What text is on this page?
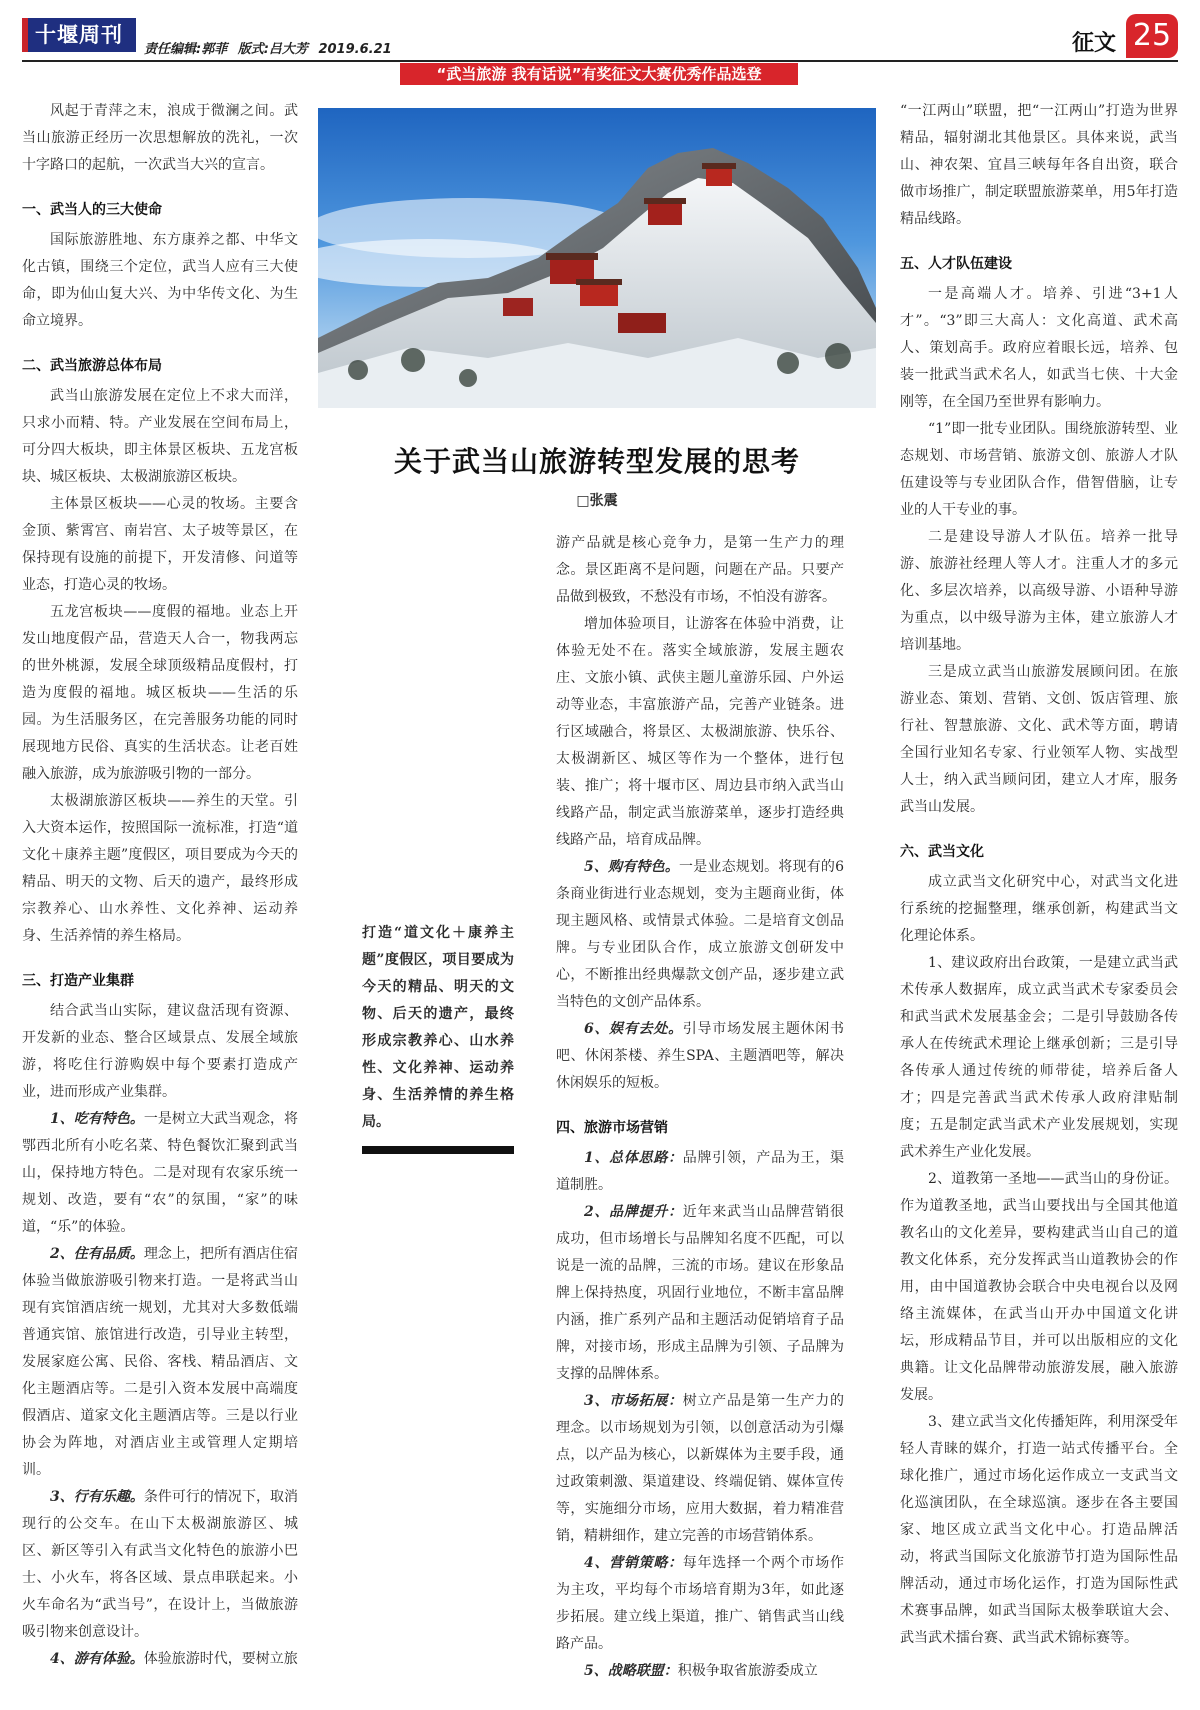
十堰周刊
责任编辑:郭菲 版式:吕大芳 2019.6.21	征文 25
“武当旅游 我有话说”有奖征文大赛优秀作品选登

风起于青萍之末，浪成于微澜之间。武当山旅游正经历一次思想解放的洗礼，一次十字路口的起航，一次武当大兴的宣言。

一、武当人的三大使命

国际旅游胜地、东方康养之都、中华文化古镇，围绕三个定位，武当人应有三大使命，即为仙山复大兴、为中华传文化、为生命立境界。

二、武当旅游总体布局

武当山旅游发展在定位上不求大而洋，只求小而精、特。产业发展在空间布局上，可分四大板块，即主体景区板块、五龙宫板块、城区板块、太极湖旅游区板块。

主体景区板块——心灵的牧场。主要含金顶、紫霄宫、南岩宫、太子坡等景区，在保持现有设施的前提下，开发清修、问道等业态，打造心灵的牧场。

五龙宫板块——度假的福地。业态上开发山地度假产品，营造天人合一，物我两忘的世外桃源，发展全球顶级精品度假村，打造为度假的福地。城区板块——生活的乐园。为生活服务区，在完善服务功能的同时展现地方民俗、真实的生活状态。让老百姓融入旅游，成为旅游吸引物的一部分。

太极湖旅游区板块——养生的天堂。引入大资本运作，按照国际一流标准，打造“道文化＋康养主题”度假区，项目要成为今天的精品、明天的文物、后天的遗产，最终形成宗教养心、山水养性、文化养神、运动养身、生活养情的养生格局。

三、打造产业集群

结合武当山实际，建议盘活现有资源、开发新的业态、整合区域景点、发展全域旅游，将吃住行游购娱中每个要素打造成产业，进而形成产业集群。

1、吃有特色。一是树立大武当观念，将鄂西北所有小吃名菜、特色餐饮汇聚到武当山，保持地方特色。二是对现有农家乐统一规划、改造，要有“农”的氛围，“家”的味道，“乐”的体验。

2、住有品质。理念上，把所有酒店住宿体验当做旅游吸引物来打造。一是将武当山现有宾馆酒店统一规划，尤其对大多数低端普通宾馆、旅馆进行改造，引导业主转型，发展家庭公寓、民俗、客栈、精品酒店、文化主题酒店等。二是引入资本发展中高端度假酒店、道家文化主题酒店等。三是以行业协会为阵地，对酒店业主或管理人定期培训。

3、行有乐趣。条件可行的情况下，取消现行的公交车。在山下太极湖旅游区、城区、新区等引入有武当文化特色的旅游小巴士、小火车，将各区域、景点串联起来。小火车命名为“武当号”，在设计上，当做旅游吸引物来创意设计。

4、游有体验。体验旅游时代，要树立旅

关于武当山旅游转型发展的思考
□张震
打造“道文化＋康养主题”度假区，项目要成为今天的精品、明天的文物、后天的遗产，最终形成宗教养心、山水养性、文化养神、运动养身、生活养情的养生格局。

游产品就是核心竞争力，是第一生产力的理念。景区距离不是问题，问题在产品。只要产品做到极致，不愁没有市场，不怕没有游客。

增加体验项目，让游客在体验中消费，让体验无处不在。落实全域旅游，发展主题农庄、文旅小镇、武侠主题儿童游乐园、户外运动等业态，丰富旅游产品，完善产业链条。进行区域融合，将景区、太极湖旅游、快乐谷、太极湖新区、城区等作为一个整体，进行包装、推广；将十堰市区、周边县市纳入武当山线路产品，制定武当旅游菜单，逐步打造经典线路产品，培育成品牌。

5、购有特色。一是业态规划。将现有的6条商业街进行业态规划，变为主题商业街，体现主题风格、或情景式体验。二是培育文创品牌。与专业团队合作，成立旅游文创研发中心，不断推出经典爆款文创产品，逐步建立武当特色的文创产品体系。

6、娱有去处。引导市场发展主题休闲书吧、休闲茶楼、养生SPA、主题酒吧等，解决休闲娱乐的短板。

四、旅游市场营销

1、总体思路：品牌引领，产品为王，渠道制胜。

2、品牌提升：近年来武当山品牌营销很成功，但市场增长与品牌知名度不匹配，可以说是一流的品牌，三流的市场。建议在形象品牌上保持热度，巩固行业地位，不断丰富品牌内涵，推广系列产品和主题活动促销培育子品牌，对接市场，形成主品牌为引领、子品牌为支撑的品牌体系。

3、市场拓展：树立产品是第一生产力的理念。以市场规划为引领，以创意活动为引爆点，以产品为核心，以新媒体为主要手段，通过政策刺激、渠道建设、终端促销、媒体宣传等，实施细分市场，应用大数据，着力精准营销，精耕细作，建立完善的市场营销体系。

4、营销策略：每年选择一个两个市场作为主攻，平均每个市场培育期为3年，如此逐步拓展。建立线上渠道，推广、销售武当山线路产品。

5、战略联盟：积极争取省旅游委成立

“一江两山”联盟，把“一江两山”打造为世界精品，辐射湖北其他景区。具体来说，武当山、神农架、宜昌三峡每年各自出资，联合做市场推广，制定联盟旅游菜单，用5年打造精品线路。

五、人才队伍建设

一是高端人才。培养、引进“3+1人才”。“3”即三大高人：文化高道、武术高人、策划高手。政府应着眼长远，培养、包装一批武当武术名人，如武当七侠、十大金刚等，在全国乃至世界有影响力。

“1”即一批专业团队。围绕旅游转型、业态规划、市场营销、旅游文创、旅游人才队伍建设等与专业团队合作，借智借脑，让专业的人干专业的事。

二是建设导游人才队伍。培养一批导游、旅游社经理人等人才。注重人才的多元化、多层次培养，以高级导游、小语种导游为重点，以中级导游为主体，建立旅游人才培训基地。

三是成立武当山旅游发展顾问团。在旅游业态、策划、营销、文创、饭店管理、旅行社、智慧旅游、文化、武术等方面，聘请全国行业知名专家、行业领军人物、实战型人士，纳入武当顾问团，建立人才库，服务武当山发展。

六、武当文化

成立武当文化研究中心，对武当文化进行系统的挖掘整理，继承创新，构建武当文化理论体系。

1、建议政府出台政策，一是建立武当武术传承人数据库，成立武当武术专家委员会和武当武术发展基金会；二是引导鼓励各传承人在传统武术理论上继承创新；三是引导各传承人通过传统的师带徒，培养后备人才；四是完善武当武术传承人政府津贴制度；五是制定武当武术产业发展规划，实现武术养生产业化发展。

2、道教第一圣地——武当山的身份证。作为道教圣地，武当山要找出与全国其他道教名山的文化差异，要构建武当山自己的道教文化体系，充分发挥武当山道教协会的作用，由中国道教协会联合中央电视台以及网络主流媒体，在武当山开办中国道文化讲坛，形成精品节目，并可以出版相应的文化典籍。让文化品牌带动旅游发展，融入旅游发展。

3、建立武当文化传播矩阵，利用深受年轻人青睐的媒介，打造一站式传播平台。全球化推广，通过市场化运作成立一支武当文化巡演团队，在全球巡演。逐步在各主要国家、地区成立武当文化中心。打造品牌活动，将武当国际文化旅游节打造为国际性品牌活动，通过市场化运作，打造为国际性武术赛事品牌，如武当国际太极拳联谊大会、武当武术擂台赛、武当武术锦标赛等。
